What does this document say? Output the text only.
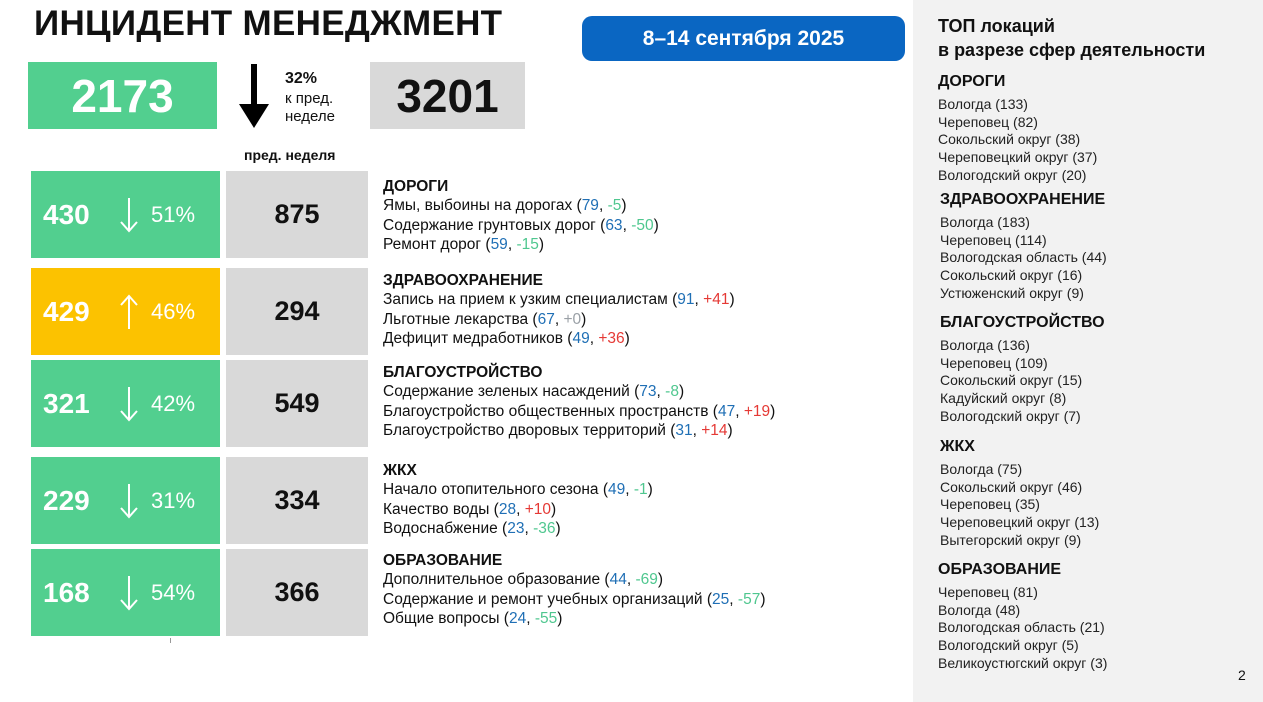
ИНЦИДЕНТ МЕНЕДЖМЕНТ	8–14 сентября 2025
2173	32%
к пред.
неделе	3201
пред. неделя
430	51%	875
ДОРОГИ
Ямы, выбоины на дорогах (79, -5)
Содержание грунтовых дорог (63, -50)
Ремонт дорог (59, -15)
429	46%	294
ЗДРАВООХРАНЕНИЕ
Запись на прием к узким специалистам (91, +41)
Льготные лекарства (67, +0)
Дефицит медработников (49, +36)
321	42%	549
БЛАГОУСТРОЙСТВО
Содержание зеленых насаждений (73, -8)
Благоустройство общественных пространств (47, +19)
Благоустройство дворовых территорий (31, +14)
229	31%	334
ЖКХ
Начало отопительного сезона (49, -1)
Качество воды (28, +10)
Водоснабжение (23, -36)
168	54%	366
ОБРАЗОВАНИЕ
Дополнительное образование (44, -69)
Содержание и ремонт учебных организаций (25, -57)
Общие вопросы (24, -55)
ТОП локаций
в разрезе сфер деятельности
ДОРОГИ
Вологда (133)
Череповец (82)
Сокольский округ (38)
Череповецкий округ (37)
Вологодский округ (20)
ЗДРАВООХРАНЕНИЕ
Вологда (183)
Череповец (114)
Вологодская область (44)
Сокольский округ (16)
Устюженский округ (9)
БЛАГОУСТРОЙСТВО
Вологда (136)
Череповец (109)
Сокольский округ (15)
Кадуйский округ (8)
Вологодский округ (7)
ЖКХ
Вологда (75)
Сокольский округ (46)
Череповец (35)
Череповецкий округ (13)
Вытегорский округ (9)
ОБРАЗОВАНИЕ
Череповец (81)
Вологда (48)
Вологодская область (21)
Вологодский округ (5)
Великоустюгский округ (3)
2
